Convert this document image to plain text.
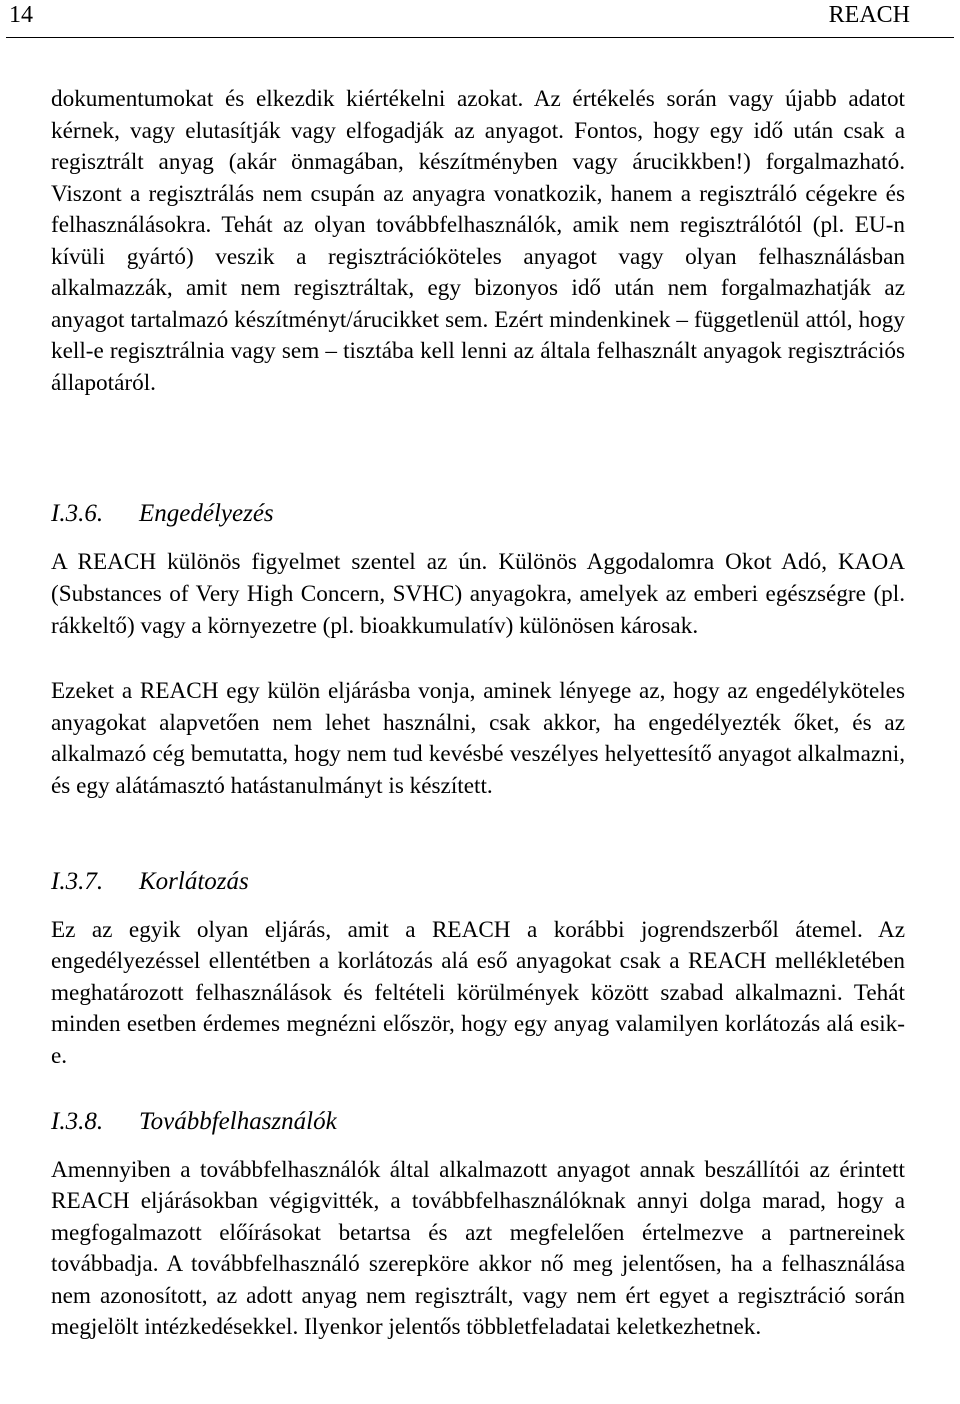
14	REACH

dokumentumokat és elkezdik kiértékelni azokat. Az értékelés során vagy újabb adatot kérnek, vagy elutasítják vagy elfogadják az anyagot. Fontos, hogy egy idő után csak a regisztrált anyag (akár önmagában, készítményben vagy árucikkben!) forgalmazható. Viszont a regisztrálás nem csupán az anyagra vonatkozik, hanem a regisztráló cégekre és felhasználásokra. Tehát az olyan továbbfelhasználók, amik nem regisztrálótól (pl. EU-n kívüli gyártó) veszik a regisztrációköteles anyagot vagy olyan felhasználásban alkalmazzák, amit nem regisztráltak, egy bizonyos idő után nem forgalmazhatják az anyagot tartalmazó készítményt/árucikket sem. Ezért mindenkinek – függetlenül attól, hogy kell-e regisztrálnia vagy sem – tisztába kell lenni az általa felhasznált anyagok regisztrációs állapotáról.

I.3.6. Engedélyezés

A REACH különös figyelmet szentel az ún. Különös Aggodalomra Okot Adó, KAOA (Substances of Very High Concern, SVHC) anyagokra, amelyek az emberi egészségre (pl. rákkeltő) vagy a környezetre (pl. bioakkumulatív) különösen károsak.

Ezeket a REACH egy külön eljárásba vonja, aminek lényege az, hogy az engedélyköteles anyagokat alapvetően nem lehet használni, csak akkor, ha engedélyezték őket, és az alkalmazó cég bemutatta, hogy nem tud kevésbé veszélyes helyettesítő anyagot alkalmazni, és egy alátámasztó hatástanulmányt is készített.

I.3.7. Korlátozás

Ez az egyik olyan eljárás, amit a REACH a korábbi jogrendszerből átemel. Az engedélyezéssel ellentétben a korlátozás alá eső anyagokat csak a REACH mellékletében meghatározott felhasználások és feltételi körülmények között szabad alkalmazni. Tehát minden esetben érdemes megnézni először, hogy egy anyag valamilyen korlátozás alá esik-e.

I.3.8. Továbbfelhasználók

Amennyiben a továbbfelhasználók által alkalmazott anyagot annak beszállítói az érintett REACH eljárásokban végigvitték, a továbbfelhasználóknak annyi dolga marad, hogy a megfogalmazott előírásokat betartsa és azt megfelelően értelmezve a partnereinek továbbadja. A továbbfelhasználó szerepköre akkor nő meg jelentősen, ha a felhasználása nem azonosított, az adott anyag nem regisztrált, vagy nem ért egyet a regisztráció során megjelölt intézkedésekkel. Ilyenkor jelentős többletfeladatai keletkezhetnek.
